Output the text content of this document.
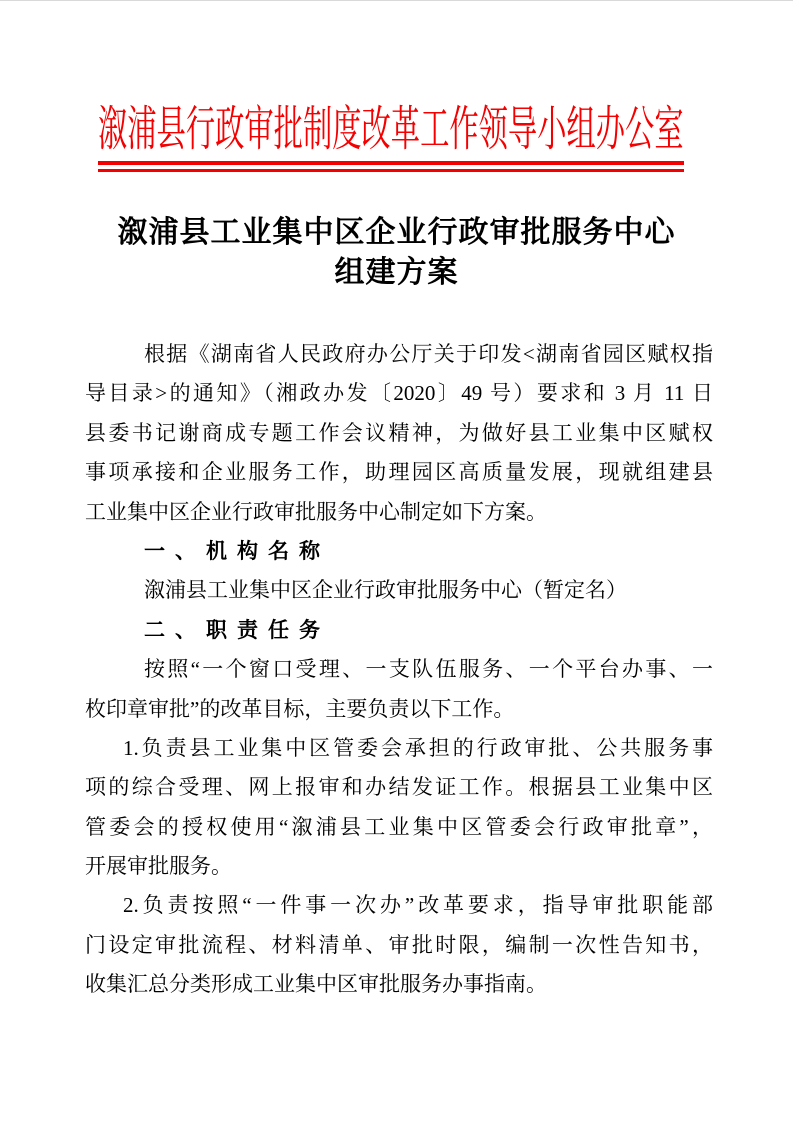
溆浦县行政审批制度改革工作领导小组办公室
溆浦县工业集中区企业行政审批服务中心
组建方案
根据《湖南省人民政府办公厅关于印发<湖南省园区赋权指
导目录>的通知》（湘政办发〔2020〕49 号）要求和 3 月 11 日
县委书记谢商成专题工作会议精神，为做好县工业集中区赋权
事项承接和企业服务工作，助理园区高质量发展，现就组建县
工业集中区企业行政审批服务中心制定如下方案。
一、机构名称
溆浦县工业集中区企业行政审批服务中心（暂定名）
二、职责任务
按照“一个窗口受理、一支队伍服务、一个平台办事、一
枚印章审批”的改革目标，主要负责以下工作。
1.负责县工业集中区管委会承担的行政审批、公共服务事
项的综合受理、网上报审和办结发证工作。根据县工业集中区
管委会的授权使用“溆浦县工业集中区管委会行政审批章”，
开展审批服务。
2.负责按照“一件事一次办”改革要求，指导审批职能部
门设定审批流程、材料清单、审批时限，编制一次性告知书，
收集汇总分类形成工业集中区审批服务办事指南。
